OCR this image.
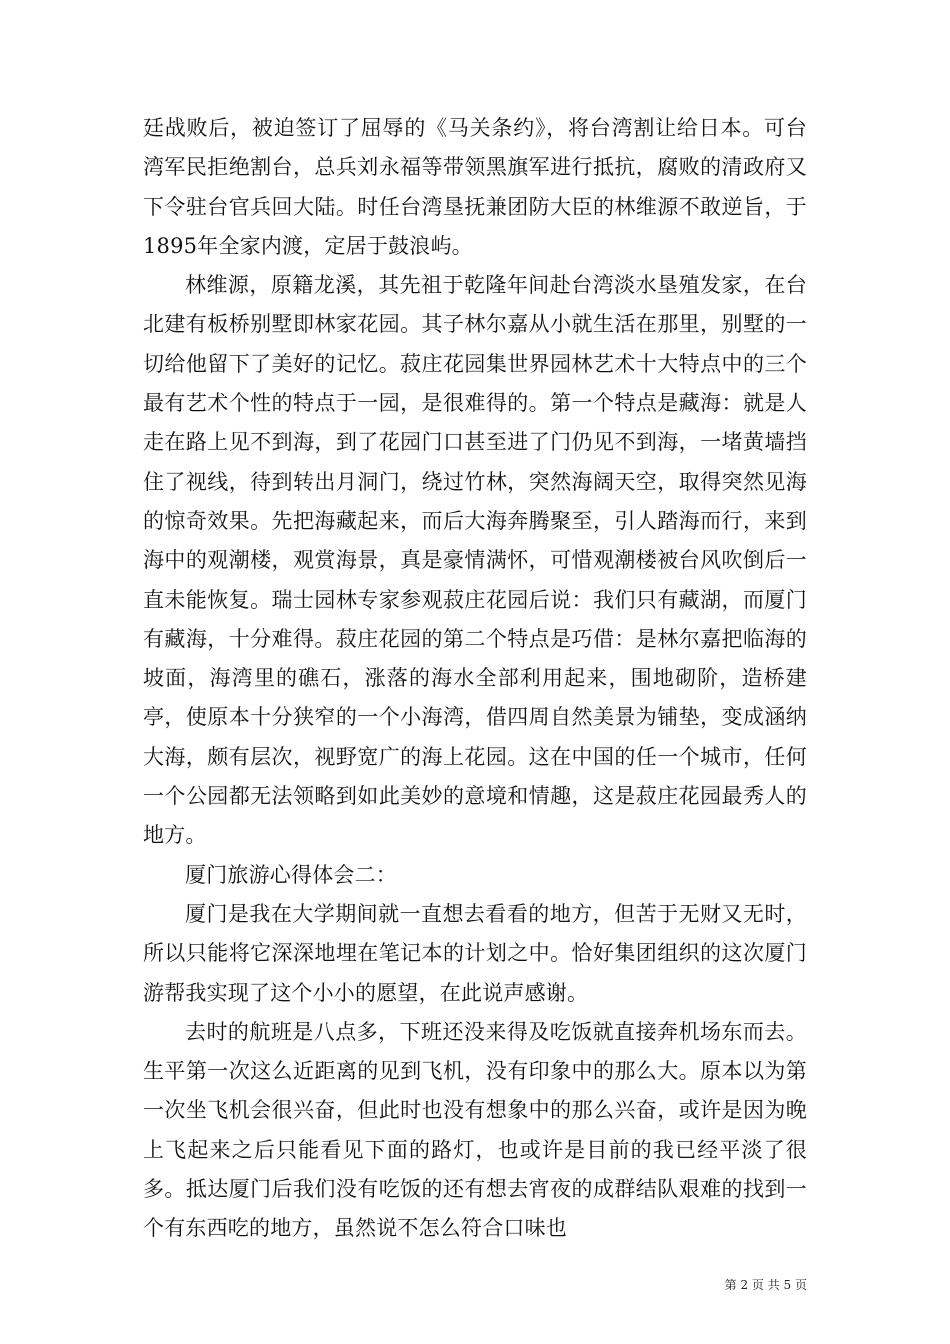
廷战败后，被迫签订了屈辱的《马关条约》，将台湾割让给日本。可台湾军民拒绝割台，总兵刘永福等带领黑旗军进行抵抗，腐败的清政府又下令驻台官兵回大陆。时任台湾垦抚兼团防大臣的林维源不敢逆旨，于1895年全家内渡，定居于鼓浪屿。

林维源，原籍龙溪，其先祖于乾隆年间赴台湾淡水垦殖发家，在台北建有板桥别墅即林家花园。其子林尔嘉从小就生活在那里，别墅的一切给他留下了美好的记忆。菽庄花园集世界园林艺术十大特点中的三个最有艺术个性的特点于一园，是很难得的。第一个特点是藏海：就是人走在路上见不到海，到了花园门口甚至进了门仍见不到海，一堵黄墙挡住了视线，待到转出月洞门，绕过竹林，突然海阔天空，取得突然见海的惊奇效果。先把海藏起来，而后大海奔腾聚至，引人踏海而行，来到海中的观潮楼，观赏海景，真是豪情满怀，可惜观潮楼被台风吹倒后一直未能恢复。瑞士园林专家参观菽庄花园后说：我们只有藏湖，而厦门有藏海，十分难得。菽庄花园的第二个特点是巧借：是林尔嘉把临海的坡面，海湾里的礁石，涨落的海水全部利用起来，围地砌阶，造桥建亭，使原本十分狭窄的一个小海湾，借四周自然美景为铺垫，变成涵纳大海，颇有层次，视野宽广的海上花园。这在中国的任一个城市，任何一个公园都无法领略到如此美妙的意境和情趣，这是菽庄花园最秀人的地方。

厦门旅游心得体会二：

厦门是我在大学期间就一直想去看看的地方，但苦于无财又无时，所以只能将它深深地埋在笔记本的计划之中。恰好集团组织的这次厦门游帮我实现了这个小小的愿望，在此说声感谢。

去时的航班是八点多，下班还没来得及吃饭就直接奔机场东而去。生平第一次这么近距离的见到飞机，没有印象中的那么大。原本以为第一次坐飞机会很兴奋，但此时也没有想象中的那么兴奋，或许是因为晚上飞起来之后只能看见下面的路灯，也或许是目前的我已经平淡了很多。抵达厦门后我们没有吃饭的还有想去宵夜的成群结队艰难的找到一个有东西吃的地方，虽然说不怎么符合口味也

第 2 页 共 5 页
